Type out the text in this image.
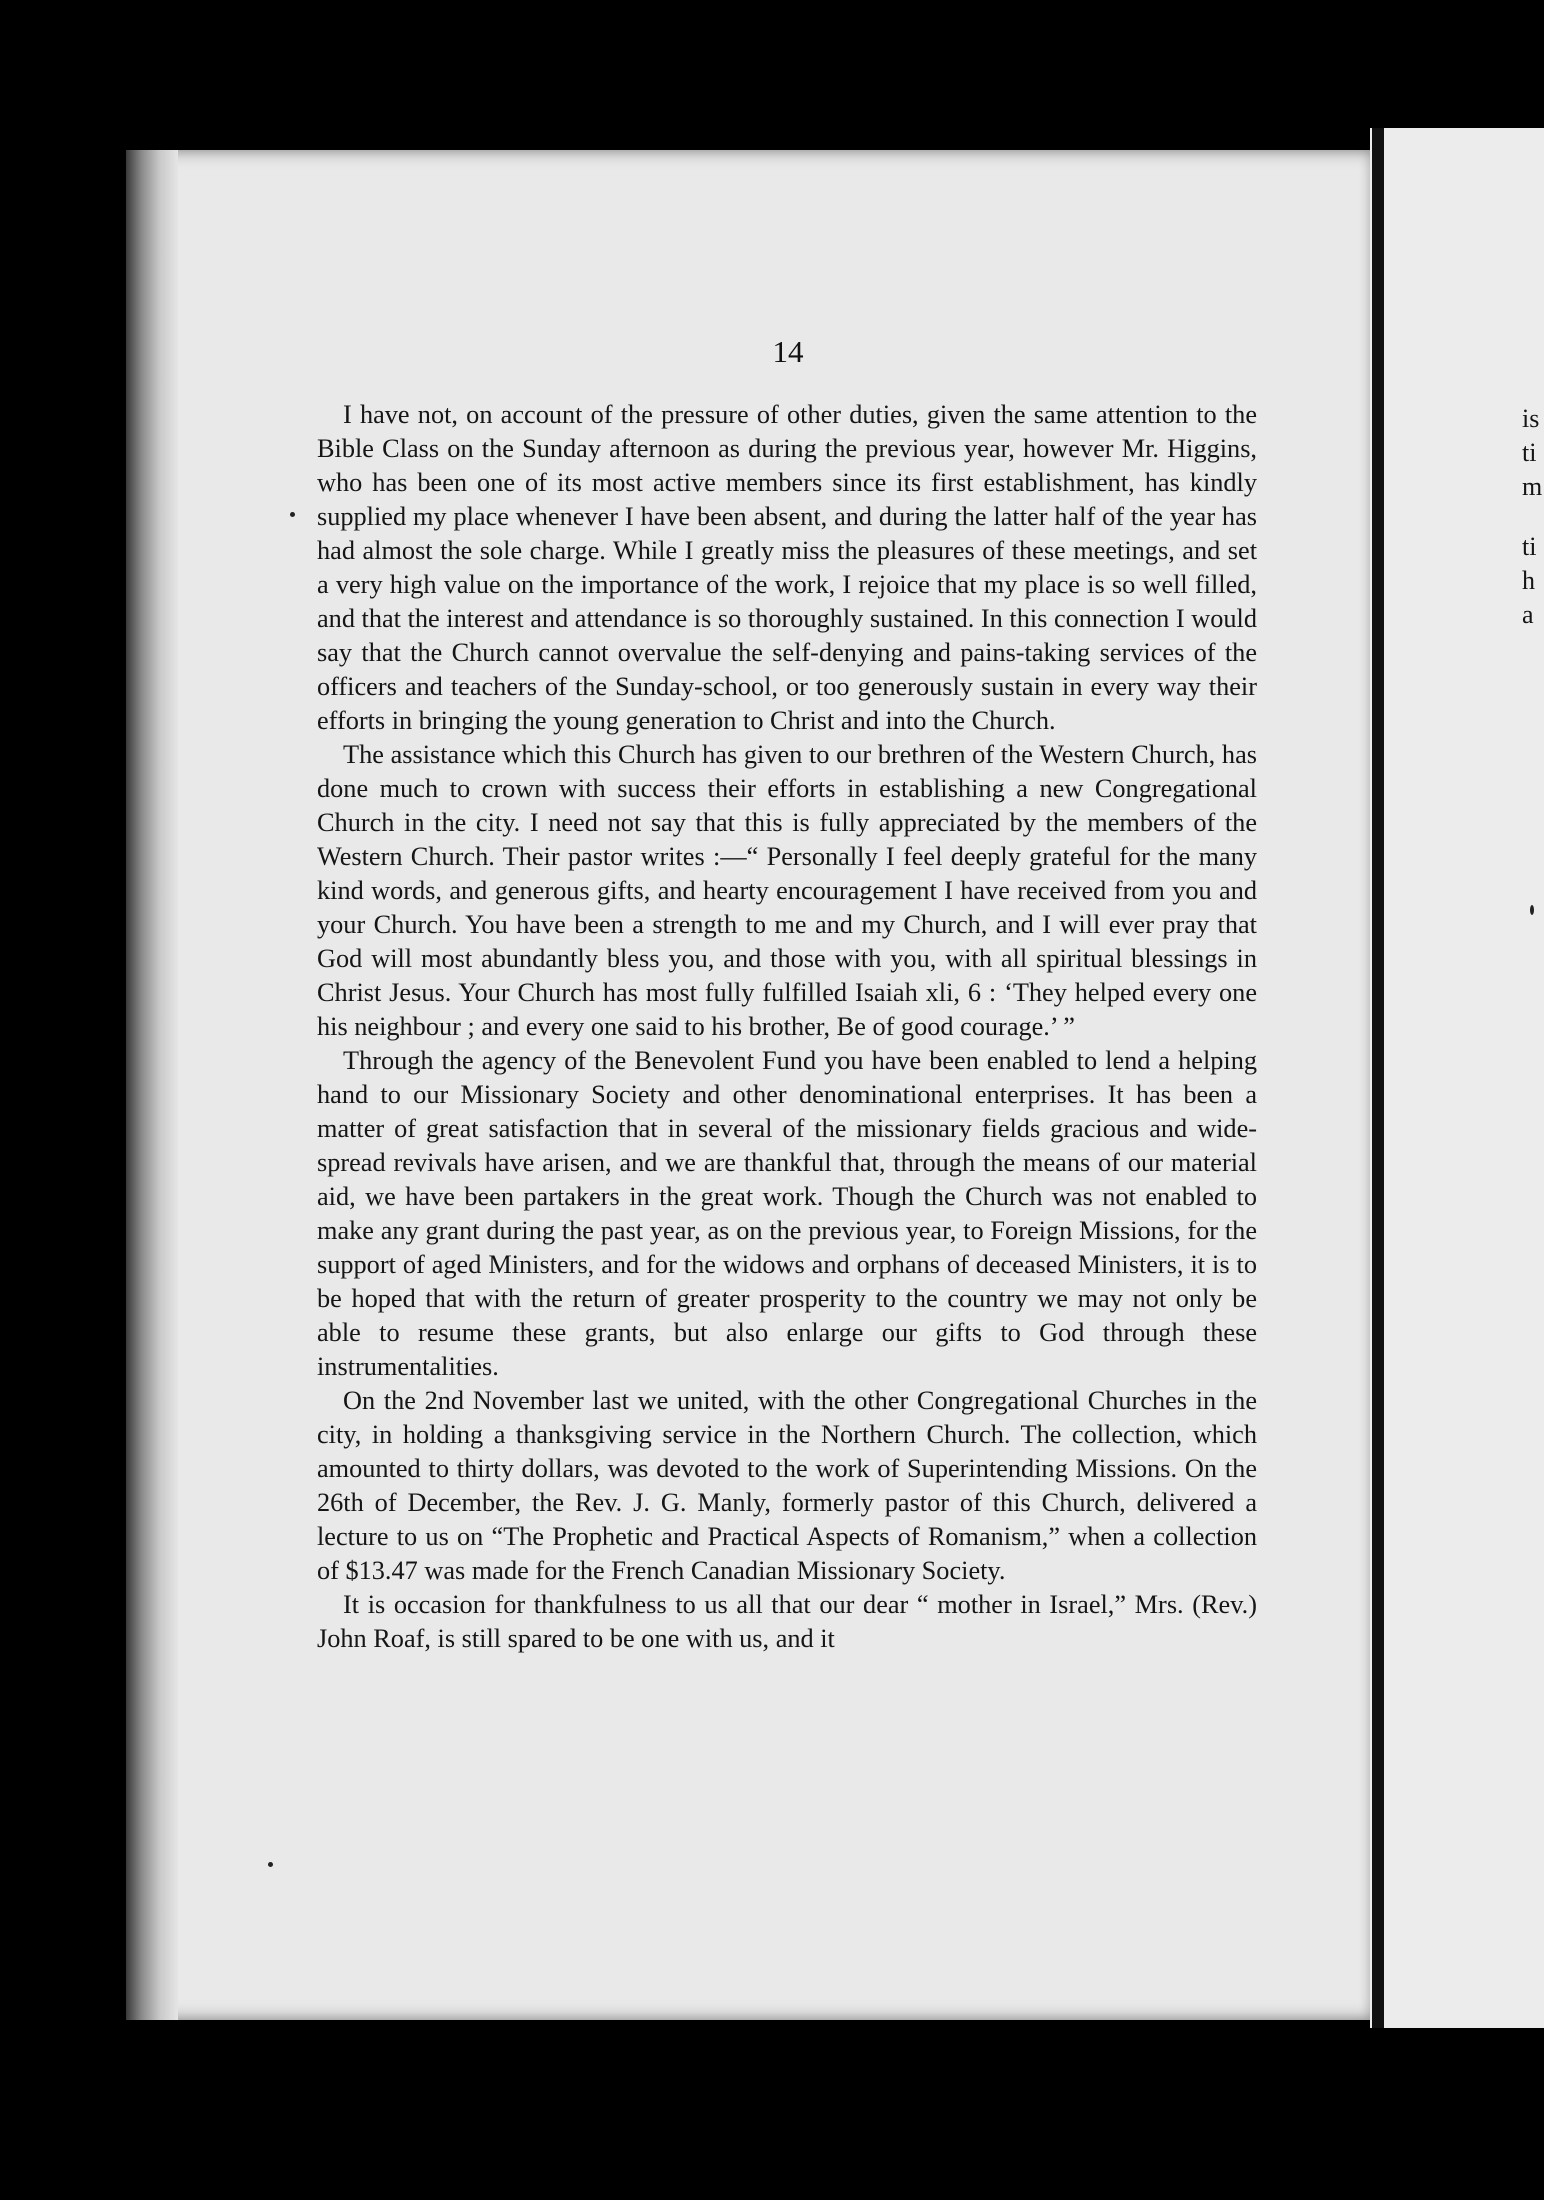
14

I have not, on account of the pressure of other duties, given the same attention to the Bible Class on the Sunday afternoon as during the previous year, however Mr. Higgins, who has been one of its most active members since its first establishment, has kindly supplied my place whenever I have been absent, and during the latter half of the year has had almost the sole charge. While I greatly miss the pleasures of these meetings, and set a very high value on the importance of the work, I rejoice that my place is so well filled, and that the interest and attendance is so thoroughly sustained. In this connection I would say that the Church cannot overvalue the self-denying and pains-taking services of the officers and teachers of the Sunday-school, or too generously sustain in every way their efforts in bringing the young generation to Christ and into the Church.

The assistance which this Church has given to our brethren of the Western Church, has done much to crown with success their efforts in establishing a new Congregational Church in the city. I need not say that this is fully appreciated by the members of the Western Church. Their pastor writes :—“ Personally I feel deeply grateful for the many kind words, and generous gifts, and hearty encouragement I have received from you and your Church. You have been a strength to me and my Church, and I will ever pray that God will most abundantly bless you, and those with you, with all spiritual blessings in Christ Jesus. Your Church has most fully fulfilled Isaiah xli, 6 : ‘They helped every one his neighbour ; and every one said to his brother, Be of good courage.’ ”

Through the agency of the Benevolent Fund you have been enabled to lend a helping hand to our Missionary Society and other denominational enterprises. It has been a matter of great satisfaction that in several of the missionary fields gracious and wide-spread revivals have arisen, and we are thankful that, through the means of our material aid, we have been partakers in the great work. Though the Church was not enabled to make any grant during the past year, as on the previous year, to Foreign Missions, for the support of aged Ministers, and for the widows and orphans of deceased Ministers, it is to be hoped that with the return of greater prosperity to the country we may not only be able to resume these grants, but also enlarge our gifts to God through these instrumentalities.

On the 2nd November last we united, with the other Congregational Churches in the city, in holding a thanksgiving service in the Northern Church. The collection, which amounted to thirty dollars, was devoted to the work of Superintending Missions. On the 26th of December, the Rev. J. G. Manly, formerly pastor of this Church, delivered a lecture to us on “The Prophetic and Practical Aspects of Romanism,” when a collection of $13.47 was made for the French Canadian Missionary Society.

It is occasion for thankfulness to us all that our dear “ mother in Israel,” Mrs. (Rev.) John Roaf, is still spared to be one with us, and it

is
ti
m
ti
h
a
